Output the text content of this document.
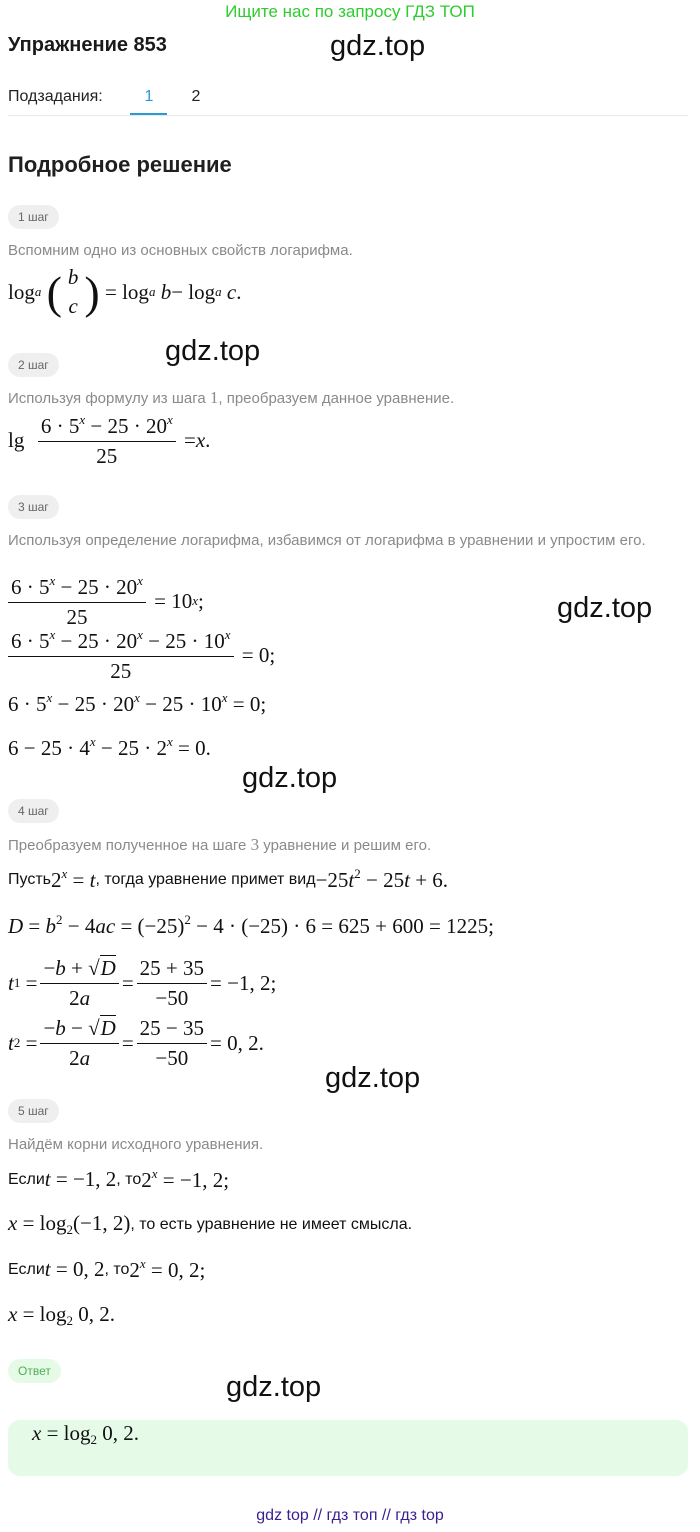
Ищите нас по запросу ГДЗ ТОП
Упражнение 853	gdz.top
Подзадания:	1	2
Подробное решение
1 шаг
Вспомним одно из основных свойств логарифма.
log a
( b
c ) = log a
b − log a
c .
gdz.top
2 шаг
Используя формулу из шага 1, преобразуем данное уравнение.
$\lg \frac{6 \cdot 5^x - 25 \cdot 20^x}{25} = x$ .
3 шаг
Используя определение логарифма, избавимся от логарифма в уравнении и упростим его.
$\frac{6 \cdot 5^x - 25 \cdot 20^x}{25} = 10$ x ;	gdz.top
$\frac{6 \cdot 5^x - 25 \cdot 20^x - 25 \cdot 10^x}{25} = 0$;
$6 \cdot 5^x - 25 \cdot 20^x - 25 \cdot 10^x = 0$;
$6 - 25 \cdot 4^x - 25 \cdot 2^x = 0$.
gdz.top
4 шаг
Преобразуем полученное на шаге 3 уравнение и решим его.
Пусть $2^x = t$ , тогда уравнение примет вид $-25t^2 - 25t + 6$.
$D = b^2 - 4ac = (-25)^2 - 4 \cdot (-25) \cdot 6 = 625 + 600 = 1225$;
t $1 = \frac{-b + √D}{2a} = \frac{25 + 35}{-50} = -1$, 2;
t $2 = \frac{-b - √D}{2a} = \frac{25 - 35}{-50} = 0$, 2.
gdz.top
5 шаг
Найдём корни исходного уравнения.
Если t = −1, 2 , то $2^x = -1$, 2;
$x = \log_2(-1$, 2) , то есть уравнение не имеет смысла.
Если t = 0, 2 , то $2^x = 0$, 2;
$x = \log_2 0$, 2.
Ответ
$x = \log_2 0$, 2.
gdz.top
gdz top // гдз топ // гдз top
